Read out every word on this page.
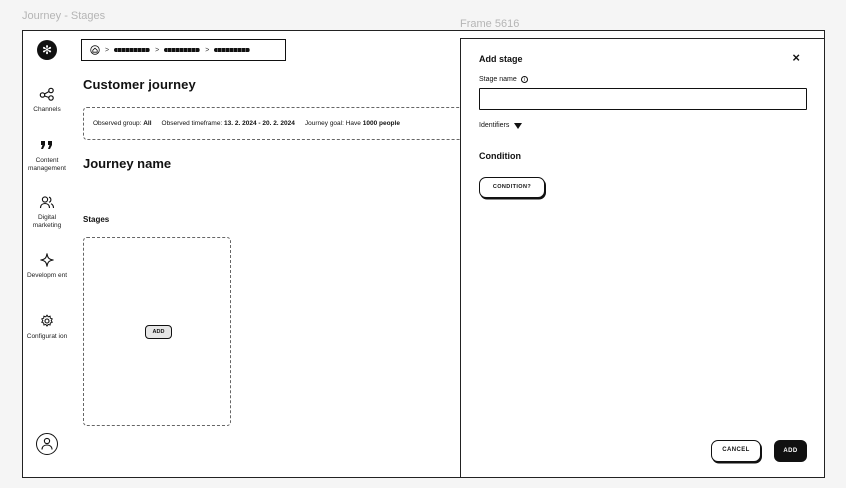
Journey - Stages
Frame 5616
✻
Channels
Content management
Digital marketing
Developm ent
Configurat ion
>	>	>
Customer journey
Observed group: All Observed timeframe: 13. 2. 2024 - 20. 2. 2024 Journey goal: Have 1000 people
Journey name
Stages
ADD
Add stage	×
Stage name	i
Identifiers
Condition
CONDITION?
CANCEL	ADD
